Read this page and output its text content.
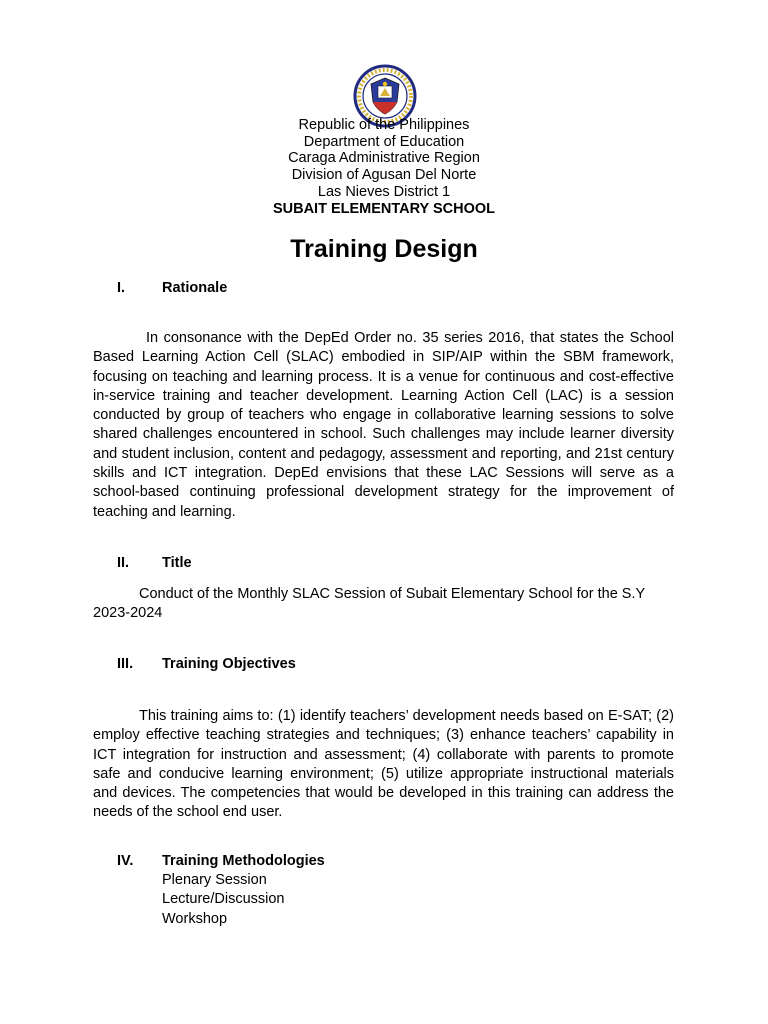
Republic of the Philippines
Department of Education
Caraga Administrative Region
Division of Agusan Del Norte
Las Nieves District 1
SUBAIT ELEMENTARY SCHOOL
Training Design
I.	Rationale

In consonance with the DepEd Order no. 35 series 2016, that states the School Based Learning Action Cell (SLAC) embodied in SIP/AIP within the SBM framework, focusing on teaching and learning process. It is a venue for continuous and cost-effective in-service training and teacher development. Learning Action Cell (LAC) is a session conducted by group of teachers who engage in collaborative learning sessions to solve shared challenges encountered in school. Such challenges may include learner diversity and student inclusion, content and pedagogy, assessment and reporting, and 21st century skills and ICT integration. DepEd envisions that these LAC Sessions will serve as a school-based continuing professional development strategy for the improvement of teaching and learning.

II. Title

Conduct of the Monthly SLAC Session of Subait Elementary School for the S.Y 2023-2024

III. Training Objectives

This training aims to: (1) identify teachers’ development needs based on E-SAT; (2) employ effective teaching strategies and techniques; (3) enhance teachers’ capability in ICT integration for instruction and assessment; (4) collaborate with parents to promote safe and conducive learning environment; (5) utilize appropriate instructional materials and devices. The competencies that would be developed in this training can address the needs of the school end user.

IV. Training Methodologies
Plenary Session
Lecture/Discussion
Workshop
